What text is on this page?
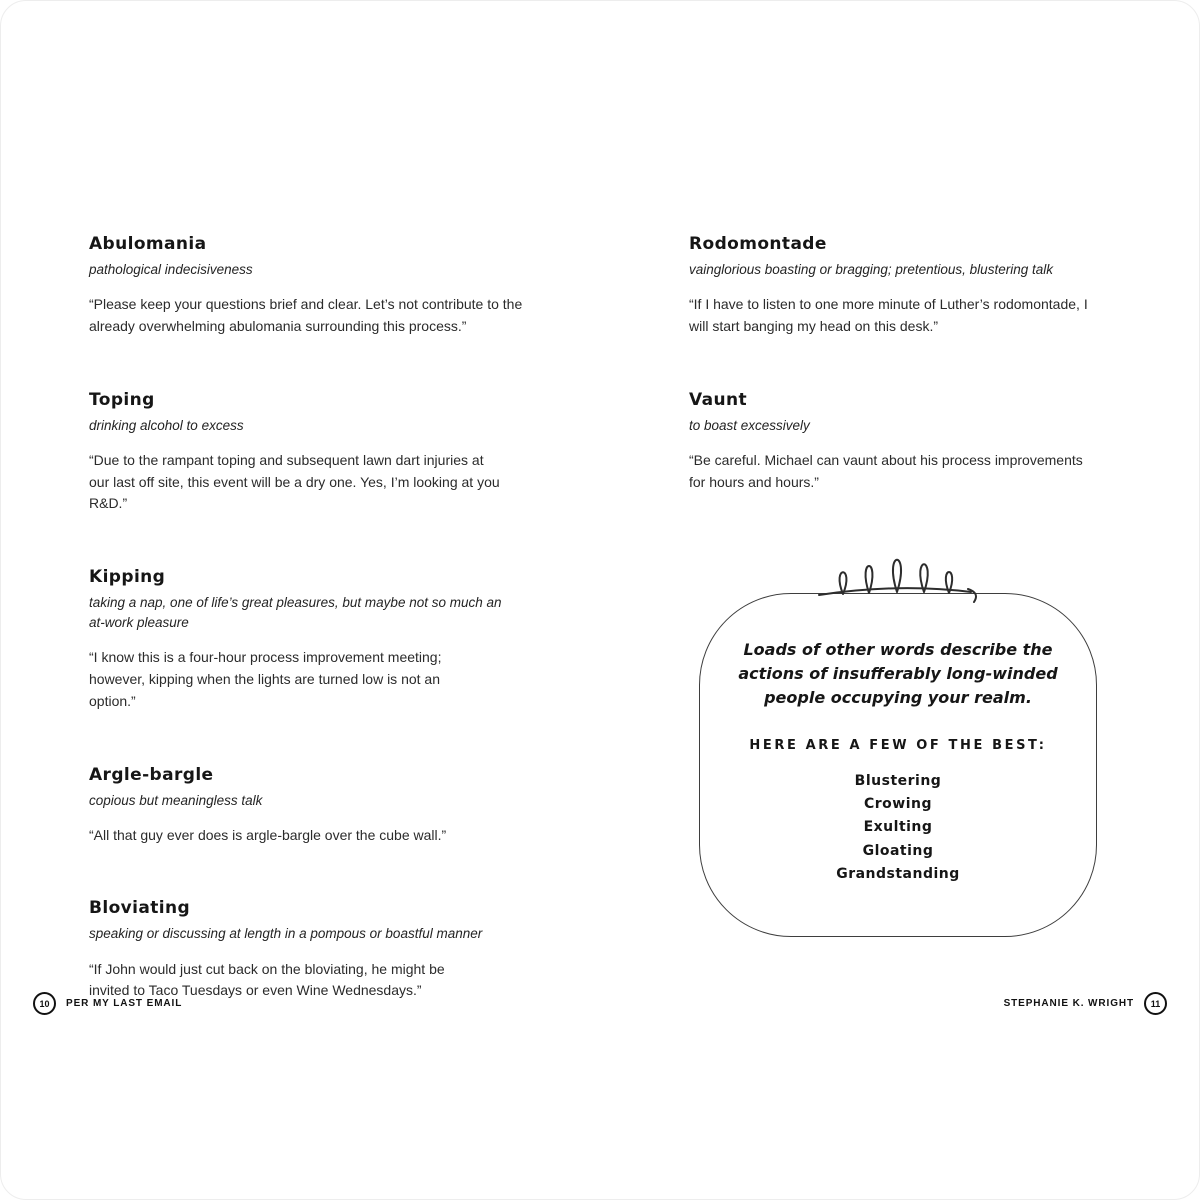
Abulomania
pathological indecisiveness
“Please keep your questions brief and clear. Let’s not contribute to the already overwhelming abulomania surrounding this process.”
Toping
drinking alcohol to excess
“Due to the rampant toping and subsequent lawn dart injuries at our last off site, this event will be a dry one. Yes, I’m looking at you R&D.”
Kipping
taking a nap, one of life’s great pleasures, but maybe not so much an at-work pleasure
“I know this is a four-hour process improvement meeting; however, kipping when the lights are turned low is not an option.”
Argle-bargle
copious but meaningless talk
“All that guy ever does is argle-bargle over the cube wall.”
Bloviating
speaking or discussing at length in a pompous or boastful manner
“If John would just cut back on the bloviating, he might be invited to Taco Tuesdays or even Wine Wednesdays.”
Rodomontade
vainglorious boasting or bragging; pretentious, blustering talk
“If I have to listen to one more minute of Luther’s rodomontade, I will start banging my head on this desk.”
Vaunt
to boast excessively
“Be careful. Michael can vaunt about his process improvements for hours and hours.”
Loads of other words describe the actions of insufferably long-winded people occupying your realm.
HERE ARE A FEW OF THE BEST:
Blustering
Crowing
Exulting
Gloating
Grandstanding
10	PER MY LAST EMAIL	STEPHANIE K. WRIGHT	11
